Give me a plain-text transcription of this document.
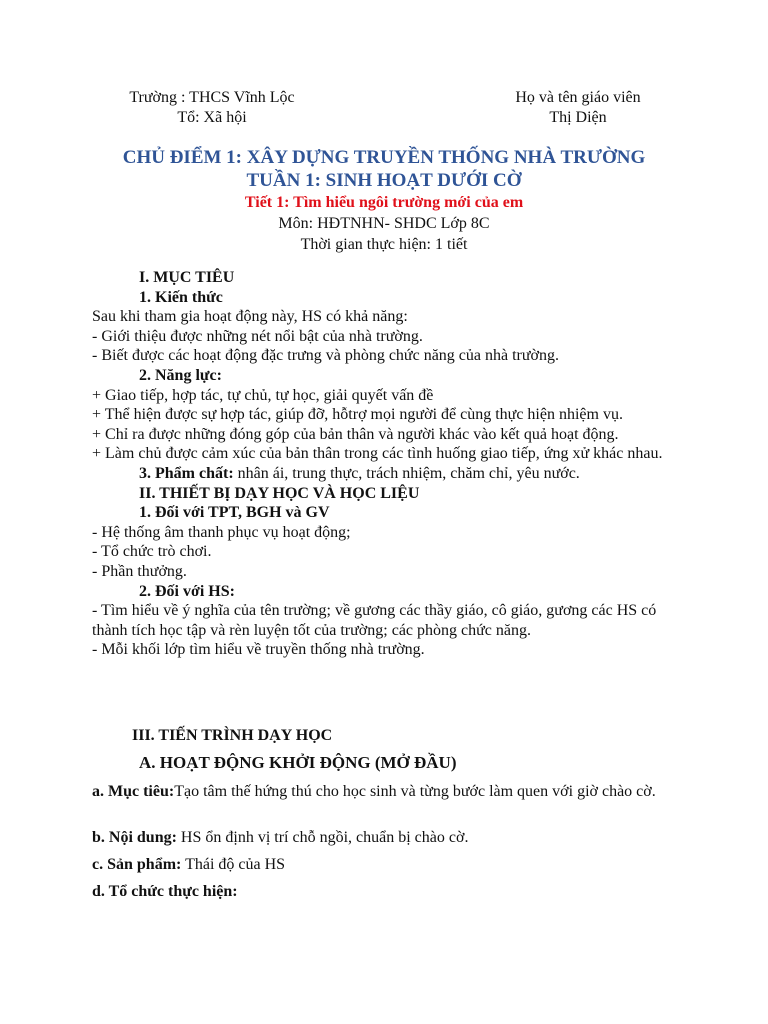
Trường : THCS Vĩnh Lộc
Tổ: Xã hội
Họ và tên giáo viên
Thị Diện
CHỦ ĐIỂM 1: XÂY DỰNG TRUYỀN THỐNG NHÀ TRƯỜNG
TUẦN 1: SINH HOẠT DƯỚI CỜ
Tiết 1: Tìm hiểu ngôi trường mới của em
Môn: HĐTNHN- SHDC Lớp 8C
Thời gian thực hiện: 1 tiết

I. MỤC TIÊU

1. Kiến thức

Sau khi tham gia hoạt động này, HS có khả năng:

- Giới thiệu được những nét nổi bật của nhà trường.

- Biết được các hoạt động đặc trưng và phòng chức năng của nhà trường.

2. Năng lực:

+ Giao tiếp, hợp tác, tự chủ, tự học, giải quyết vấn đề

+ Thể hiện được sự hợp tác, giúp đỡ, hỗtrợ mọi người để cùng thực hiện nhiệm vụ.

+ Chỉ ra được những đóng góp của bản thân và người khác vào kết quả hoạt động.

+ Làm chủ được cảm xúc của bản thân trong các tình huống giao tiếp, ứng xử khác nhau.

3. Phẩm chất: nhân ái, trung thực, trách nhiệm, chăm chỉ, yêu nước.

II. THIẾT BỊ DẠY HỌC VÀ HỌC LIỆU

1. Đối với TPT, BGH và GV

- Hệ thống âm thanh phục vụ hoạt động;

- Tổ chức trò chơi.

- Phần thưởng.

2. Đối với HS:

- Tìm hiểu về ý nghĩa của tên trường; về gương các thầy giáo, cô giáo, gương các HS có thành tích học tập và rèn luyện tốt của trường; các phòng chức năng.

- Mỗi khối lớp tìm hiểu về truyền thống nhà trường.

III. TIẾN TRÌNH DẠY HỌC

A. HOẠT ĐỘNG KHỞI ĐỘNG (MỞ ĐẦU)

a. Mục tiêu:Tạo tâm thế hứng thú cho học sinh và từng bước làm quen với giờ chào cờ.

b. Nội dung: HS ổn định vị trí chỗ ngồi, chuẩn bị chào cờ.

c. Sản phẩm: Thái độ của HS

d. Tổ chức thực hiện:
